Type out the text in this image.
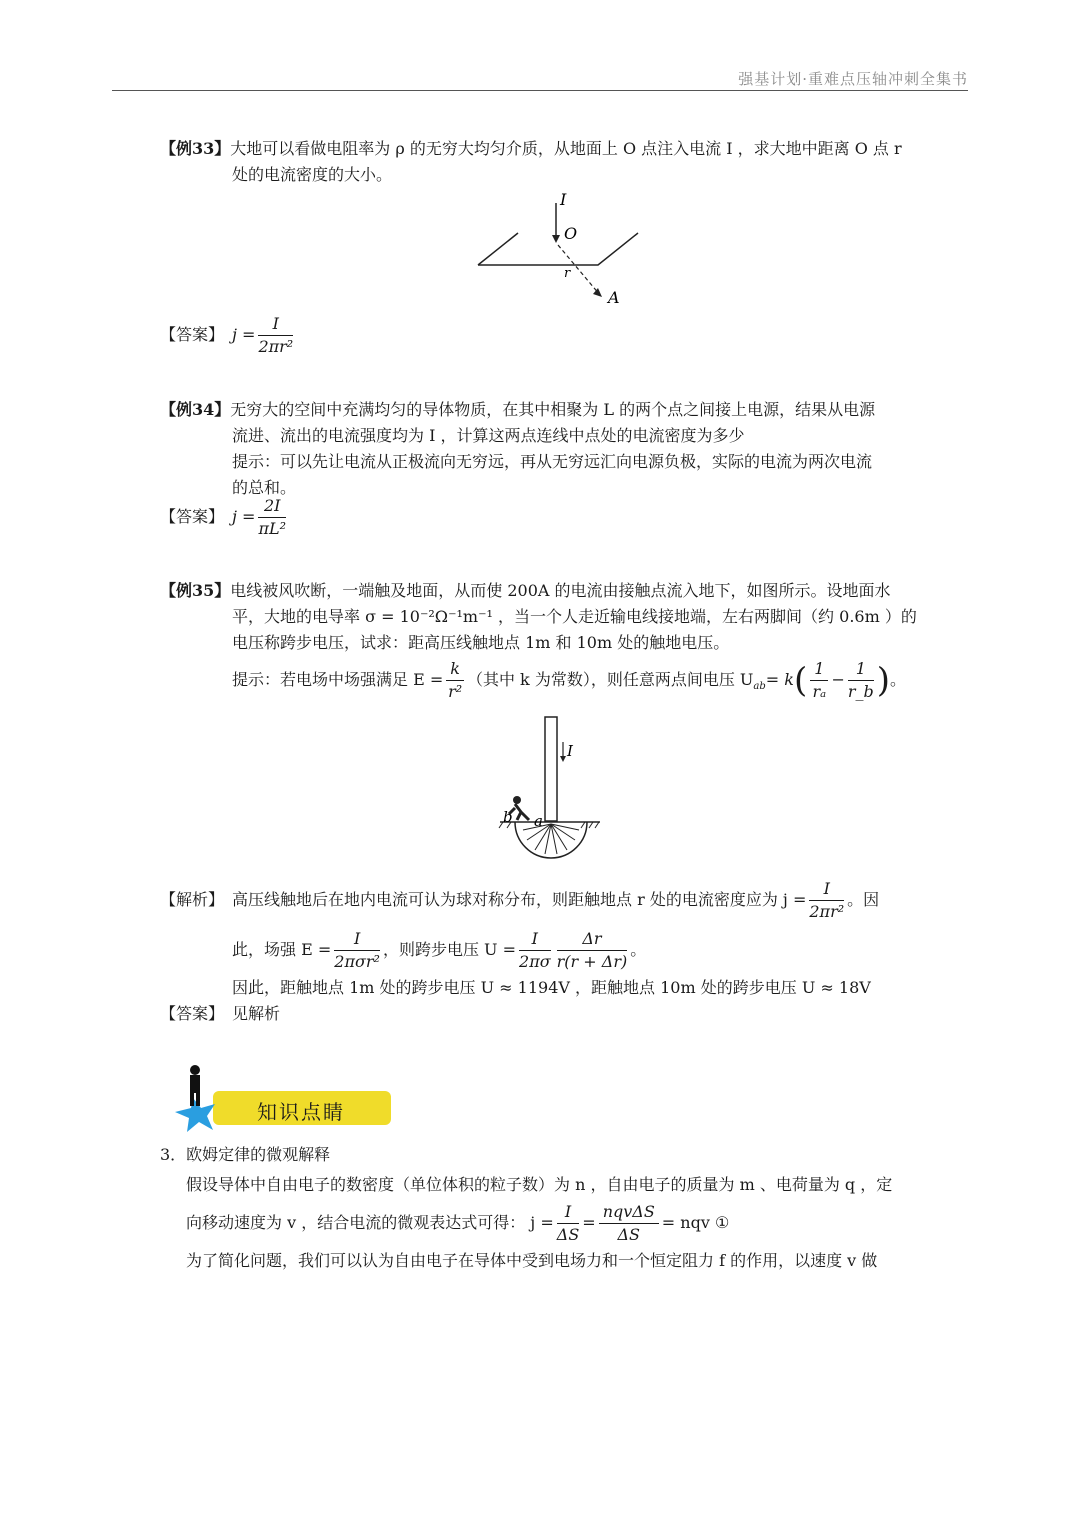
强基计划·重难点压轴冲刺全集书
【例33】大地可以看做电阻率为 ρ 的无穷大均匀介质，从地面上 O 点注入电流 I ，求大地中距离 O 点 r
处的电流密度的大小。
I
O
r
A
【答案】 $j = \frac{I}{\text{2πr²}}$
【例34】无穷大的空间中充满均匀的导体物质，在其中相聚为 L 的两个点之间接上电源，结果从电源
流进、流出的电流强度均为 I ，计算这两点连线中点处的电流密度为多少
提示：可以先让电流从正极流向无穷远，再从无穷远汇向电源负极，实际的电流为两次电流
的总和。
【答案】 $j = \frac{2I}{\text{πL²}}$
【例35】电线被风吹断，一端触及地面，从而使 200A 的电流由接触点流入地下，如图所示。设地面水
平，大地的电导率 σ = 10⁻²Ω⁻¹m⁻¹ ，当一个人走近输电线接地端，左右两脚间（约 0.6m ）的
电压称跨步电压，试求：距高压线触地点 1m 和 10m 处的触地电压。
提示：若电场中场强满足 $E = \frac{k}{\text{r²}}$ （其中 k 为常数），则任意两点间电压 $U_{ab}= k( \frac{1}{\text{rₐ}} - \frac{1}{r\_b}$ )。
I
b a
【解析】 高压线触地后在地内电流可认为球对称分布，则距触地点 r 处的电流密度应为 $j = \frac{I}{\text{2πr²}}$ 。因
此，场强 $E = \frac{I}{\text{2πσr²}}$ ，则跨步电压 $U = \frac{I}{2\pi\sigma} \frac{\Delta r}{r(r + \Delta r)}$ 。
因此，距触地点 1m 处的跨步电压 U ≈ 1194V ，距触地点 10m 处的跨步电压 U ≈ 18V
【答案】 见解析
知识点睛
3．欧姆定律的微观解释
假设导体中自由电子的数密度（单位体积的粒子数）为 n ，自由电子的质量为 m 、电荷量为 q ，定
向移动速度为 v ，结合电流的微观表达式可得： $j = \frac{I}{\Delta S} = \frac{\text{nqvΔS}}{\Delta S}$ = nqv ①
为了简化问题，我们可以认为自由电子在导体中受到电场力和一个恒定阻力 f 的作用，以速度 v 做
